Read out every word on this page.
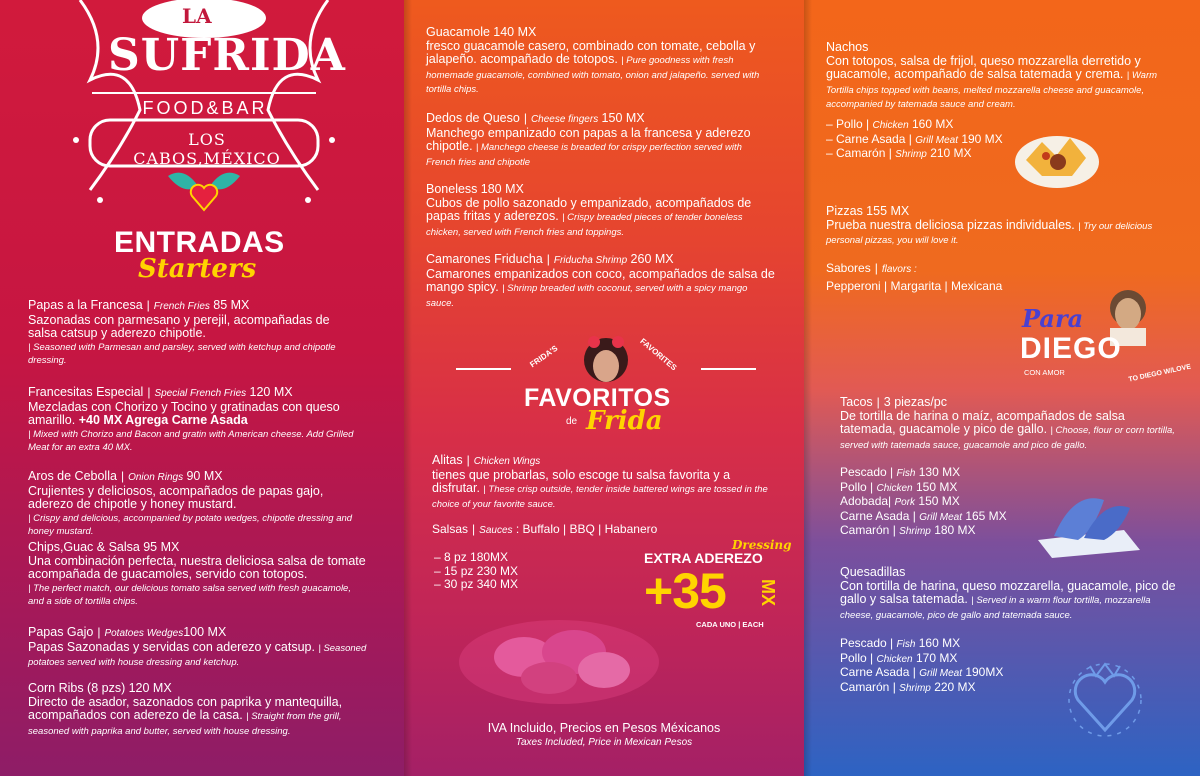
LA
SUFRIDA
FOOD&BAR
LOS CABOS,MÉXICO
ENTRADAS
Starters
Papas a la Francesa | French Fries 85 MX
Sazonadas con parmesano y perejil, acompañadas de salsa catsup y aderezo chipotle.
| Seasoned with Parmesan and parsley, served with ketchup and chipotle dressing.
Francesitas Especial | Special French Fries 120 MX
Mezcladas con Chorizo y Tocino y gratinadas con queso amarillo. +40 MX Agrega Carne Asada
| Mixed with Chorizo and Bacon and gratin with American cheese. Add Grilled Meat for an extra 40 MX.
Aros de Cebolla | Onion Rings 90 MX
Crujientes y deliciosos, acompañados de papas gajo, aderezo de chipotle y honey mustard.
| Crispy and delicious, accompanied by potato wedges, chipotle dressing and honey mustard.
Chips,Guac & Salsa 95 MX
Una combinación perfecta, nuestra deliciosa salsa de tomate acompañada de guacamoles, servido con totopos.
| The perfect match, our delicious tomato salsa served with fresh guacamole, and a side of tortilla chips.
Papas Gajo | Potatoes Wedges100 MX
Papas Sazonadas y servidas con aderezo y catsup. | Seasoned potatoes served with house dressing and ketchup.
Corn Ribs (8 pzs) 120 MX
Directo de asador, sazonados con paprika y mantequilla, acompañados con aderezo de la casa. | Straight from the grill, seasoned with paprika and butter, served with house dressing.
Guacamole 140 MX
fresco guacamole casero, combinado con tomate, cebolla y jalapeño. acompañado de totopos. | Pure goodness with fresh homemade guacamole, combined with tomato, onion and jalapeño. served with tortilla chips.
Dedos de Queso | Cheese fingers 150 MX
Manchego empanizado con papas a la francesa y aderezo chipotle. | Manchego cheese is breaded for crispy perfection served with French fries and chipotle
Boneless 180 MX
Cubos de pollo sazonado y empanizado, acompañados de papas fritas y aderezos. | Crispy breaded pieces of tender boneless chicken, served with French fries and toppings.
Camarones Friducha | Friducha Shrimp 260 MX
Camarones empanizados con coco, acompañados de salsa de mango spicy. | Shrimp breaded with coconut, served with a spicy mango sauce.
FRIDA'S	FAVORITES
FAVORITOS
de Frida
Alitas | Chicken Wings
tienes que probarlas, solo escoge tu salsa favorita y a disfrutar. | These crisp outside, tender inside battered wings are tossed in the choice of your favorite sauce.
Salsas | Sauces : Buffalo | BBQ | Habanero
– 8 pz 180MX
– 15 pz 230 MX
– 30 pz 340 MX
Dressing
EXTRA ADEREZO
+35 MX
CADA UNO | EACH
IVA Incluido, Precios en Pesos Méxicanos
Taxes Included, Price in Mexican Pesos
Nachos
Con totopos, salsa de frijol, queso mozzarella derretido y guacamole, acompañado de salsa tatemada y crema. | Warm Tortilla chips topped with beans, melted mozzarella cheese and guacamole, accompanied by tatemada sauce and cream.
– Pollo | Chicken 160 MX
– Carne Asada | Grill Meat 190 MX
– Camarón | Shrimp 210 MX
Pizzas 155 MX
Prueba nuestra deliciosa pizzas individuales. | Try our delicious personal pizzas, you will love it.
Sabores | flavors :
Pepperoni | Margarita | Mexicana
Para
DIEGO
CON AMOR	TO DIEGO W/LOVE
Tacos | 3 piezas/pc
De tortilla de harina o maíz, acompañados de salsa tatemada, guacamole y pico de gallo. | Choose, flour or corn tortilla, served with tatemada sauce, guacamole and pico de gallo.
Pescado | Fish 130 MX
Pollo | Chicken 150 MX
Adobada| Pork 150 MX
Carne Asada | Grill Meat 165 MX
Camarón | Shrimp 180 MX
Quesadillas
Con tortilla de harina, queso mozzarella, guacamole, pico de gallo y salsa tatemada. | Served in a warm flour tortilla, mozzarella cheese, guacamole, pico de gallo and tatemada sauce.
Pescado | Fish 160 MX
Pollo | Chicken 170 MX
Carne Asada | Grill Meat 190MX
Camarón | Shrimp 220 MX
